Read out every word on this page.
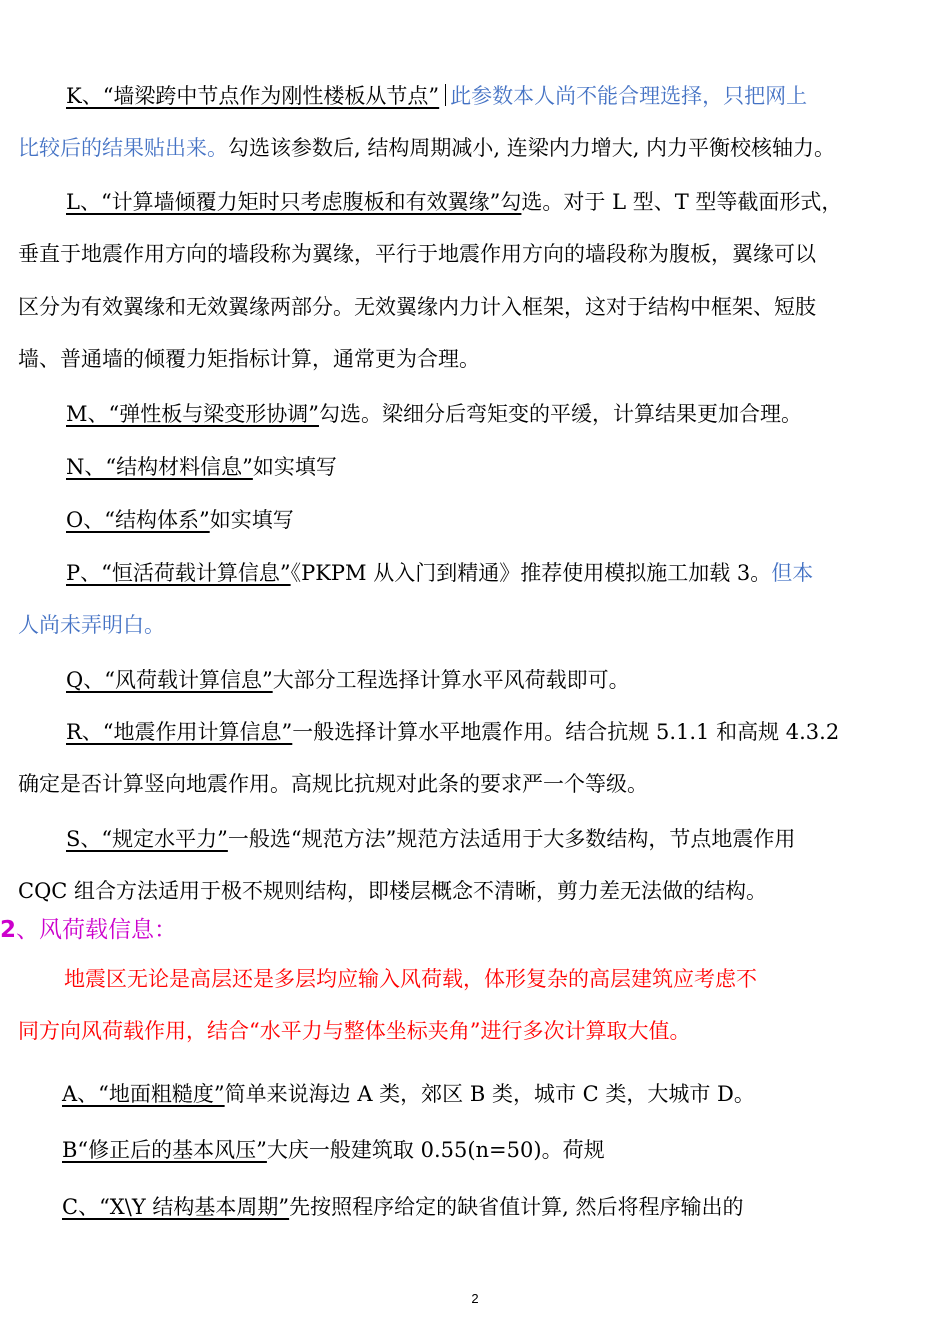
K、“墙梁跨中节点作为刚性楼板从节点” 此参数本人尚不能合理选择，只把网上
比较后的结果贴出来。勾选该参数后, 结构周期减小, 连梁内力增大, 内力平衡校核轴力。
L、“计算墙倾覆力矩时只考虑腹板和有效翼缘”勾选。对于 L 型、T 型等截面形式，
垂直于地震作用方向的墙段称为翼缘，平行于地震作用方向的墙段称为腹板，翼缘可以
区分为有效翼缘和无效翼缘两部分。无效翼缘内力计入框架，这对于结构中框架、短肢
墙、普通墙的倾覆力矩指标计算，通常更为合理。
M、“弹性板与梁变形协调”勾选。梁细分后弯矩变的平缓，计算结果更加合理。
N、“结构材料信息”如实填写
O、“结构体系”如实填写
P、“恒活荷载计算信息”《PKPM 从入门到精通》推荐使用模拟施工加载 3。但本
人尚未弄明白。
Q、“风荷载计算信息”大部分工程选择计算水平风荷载即可。
R、“地震作用计算信息”一般选择计算水平地震作用。结合抗规 5.1.1 和高规 4.3.2
确定是否计算竖向地震作用。高规比抗规对此条的要求严一个等级。
S、“规定水平力”一般选“规范方法”规范方法适用于大多数结构，节点地震作用
CQC 组合方法适用于极不规则结构，即楼层概念不清晰，剪力差无法做的结构。
2、风荷载信息：
地震区无论是高层还是多层均应输入风荷载，体形复杂的高层建筑应考虑不
同方向风荷载作用，结合“水平力与整体坐标夹角”进行多次计算取大值。
A、“地面粗糙度”简单来说海边 A 类，郊区 B 类，城市 C 类，大城市 D。
B“修正后的基本风压”大庆一般建筑取 0.55(n=50)。荷规
C、“X\Y 结构基本周期”先按照程序给定的缺省值计算, 然后将程序输出的
2
